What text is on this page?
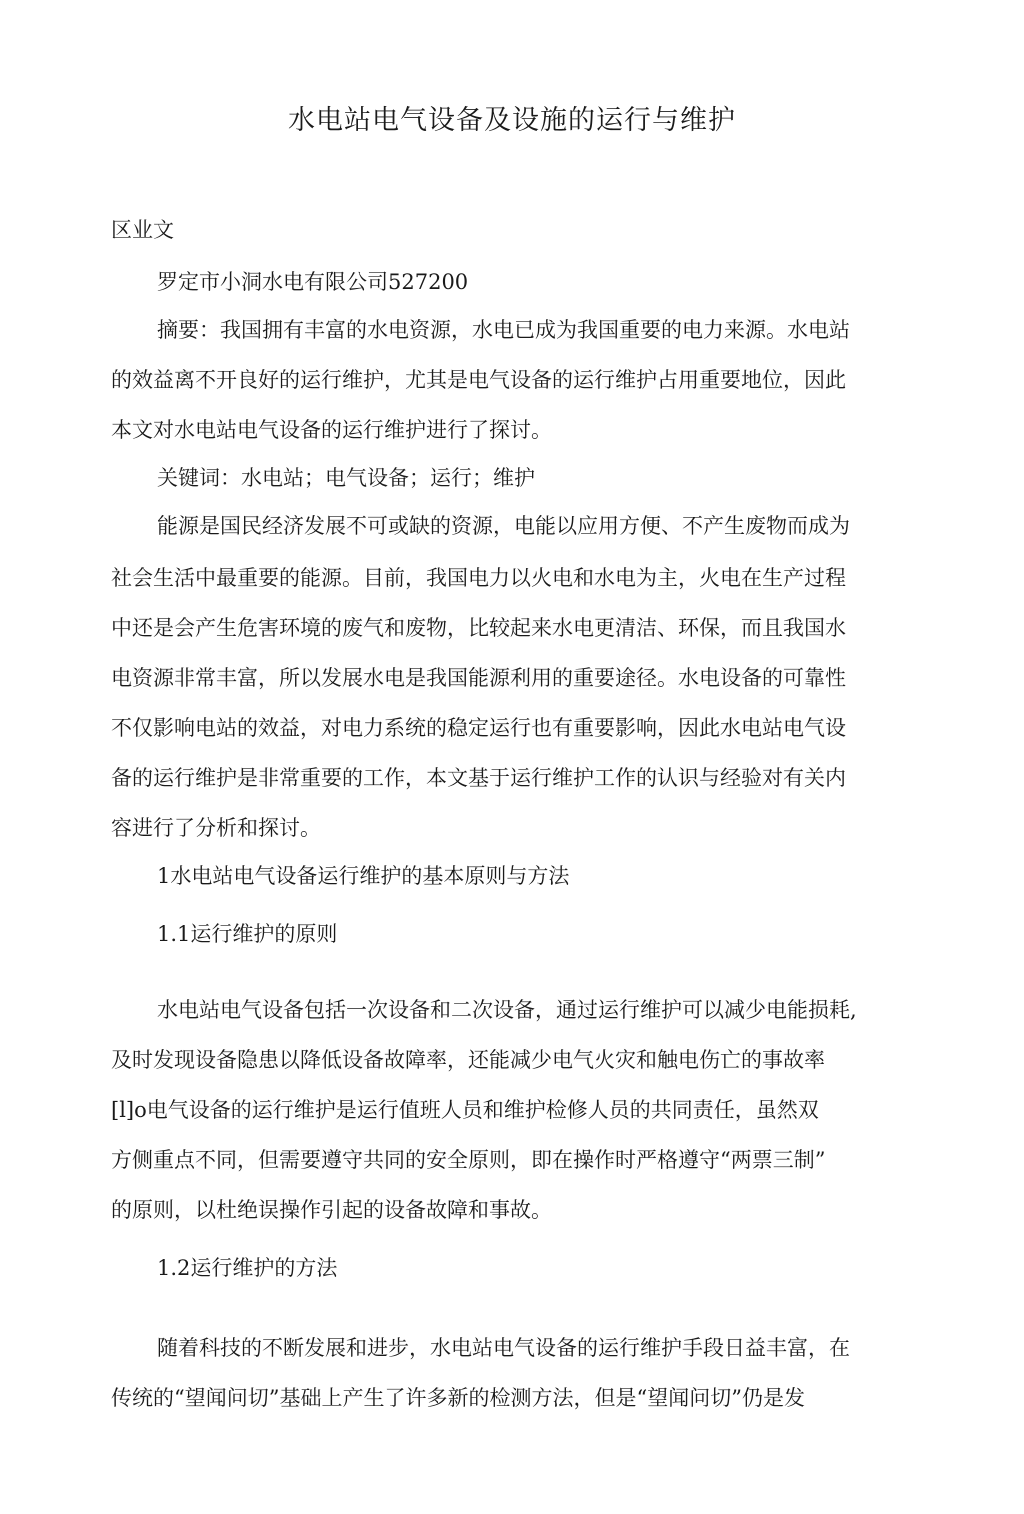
水电站电气设备及设施的运行与维护
区业文
罗定市小洞水电有限公司527200
摘要：我国拥有丰富的水电资源，水电已成为我国重要的电力来源。水电站
的效益离不开良好的运行维护，尤其是电气设备的运行维护占用重要地位，因此
本文对水电站电气设备的运行维护进行了探讨。
关键词：水电站；电气设备；运行；维护
能源是国民经济发展不可或缺的资源，电能以应用方便、不产生废物而成为
社会生活中最重要的能源。目前，我国电力以火电和水电为主，火电在生产过程
中还是会产生危害环境的废气和废物，比较起来水电更清洁、环保，而且我国水
电资源非常丰富，所以发展水电是我国能源利用的重要途径。水电设备的可靠性
不仅影响电站的效益，对电力系统的稳定运行也有重要影响，因此水电站电气设
备的运行维护是非常重要的工作，本文基于运行维护工作的认识与经验对有关内
容进行了分析和探讨。
1水电站电气设备运行维护的基本原则与方法
1.1运行维护的原则
水电站电气设备包括一次设备和二次设备，通过运行维护可以减少电能损耗,
及时发现设备隐患以降低设备故障率，还能减少电气火灾和触电伤亡的事故率
[l]o电气设备的运行维护是运行值班人员和维护检修人员的共同责任，虽然双
方侧重点不同，但需要遵守共同的安全原则，即在操作时严格遵守“两票三制”
的原则，以杜绝误操作引起的设备故障和事故。
1.2运行维护的方法
随着科技的不断发展和进步，水电站电气设备的运行维护手段日益丰富，在
传统的“望闻问切”基础上产生了许多新的检测方法，但是“望闻问切”仍是发
